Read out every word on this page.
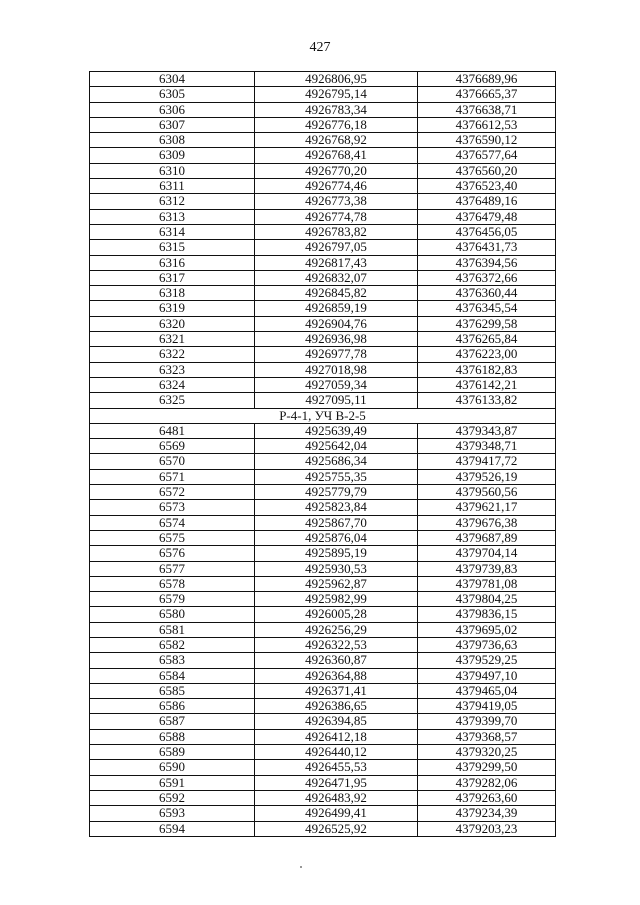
427
6304	4926806,95	4376689,96
6305	4926795,14	4376665,37
6306	4926783,34	4376638,71
6307	4926776,18	4376612,53
6308	4926768,92	4376590,12
6309	4926768,41	4376577,64
6310	4926770,20	4376560,20
6311	4926774,46	4376523,40
6312	4926773,38	4376489,16
6313	4926774,78	4376479,48
6314	4926783,82	4376456,05
6315	4926797,05	4376431,73
6316	4926817,43	4376394,56
6317	4926832,07	4376372,66
6318	4926845,82	4376360,44
6319	4926859,19	4376345,54
6320	4926904,76	4376299,58
6321	4926936,98	4376265,84
6322	4926977,78	4376223,00
6323	4927018,98	4376182,83
6324	4927059,34	4376142,21
6325	4927095,11	4376133,82
Р-4-1, УЧ В-2-5		
6481	4925639,49	4379343,87
6569	4925642,04	4379348,71
6570	4925686,34	4379417,72
6571	4925755,35	4379526,19
6572	4925779,79	4379560,56
6573	4925823,84	4379621,17
6574	4925867,70	4379676,38
6575	4925876,04	4379687,89
6576	4925895,19	4379704,14
6577	4925930,53	4379739,83
6578	4925962,87	4379781,08
6579	4925982,99	4379804,25
6580	4926005,28	4379836,15
6581	4926256,29	4379695,02
6582	4926322,53	4379736,63
6583	4926360,87	4379529,25
6584	4926364,88	4379497,10
6585	4926371,41	4379465,04
6586	4926386,65	4379419,05
6587	4926394,85	4379399,70
6588	4926412,18	4379368,57
6589	4926440,12	4379320,25
6590	4926455,53	4379299,50
6591	4926471,95	4379282,06
6592	4926483,92	4379263,60
6593	4926499,41	4379234,39
6594	4926525,92	4379203,23
